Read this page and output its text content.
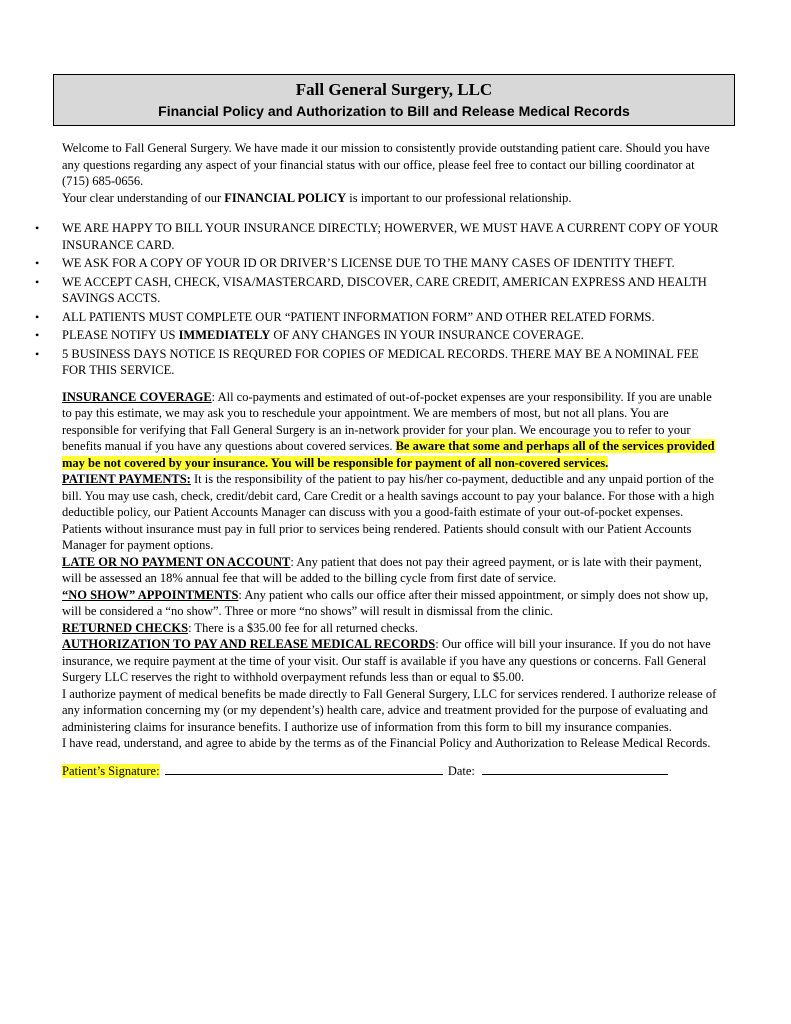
Fall General Surgery, LLC
Financial Policy and Authorization to Bill and Release Medical Records

Welcome to Fall General Surgery. We have made it our mission to consistently provide outstanding patient care. Should you have any questions regarding any aspect of your financial status with our office, please feel free to contact our billing coordinator at (715) 685-0656.

Your clear understanding of our FINANCIAL POLICY is important to our professional relationship.

• WE ARE HAPPY TO BILL YOUR INSURANCE DIRECTLY; HOWERVER, WE MUST HAVE A CURRENT COPY OF YOUR INSURANCE CARD.
• WE ASK FOR A COPY OF YOUR ID OR DRIVER’S LICENSE DUE TO THE MANY CASES OF IDENTITY THEFT.
• WE ACCEPT CASH, CHECK, VISA/MASTERCARD, DISCOVER, CARE CREDIT, AMERICAN EXPRESS AND HEALTH SAVINGS ACCTS.
• ALL PATIENTS MUST COMPLETE OUR “PATIENT INFORMATION FORM” AND OTHER RELATED FORMS.
• PLEASE NOTIFY US IMMEDIATELY OF ANY CHANGES IN YOUR INSURANCE COVERAGE.
• 5 BUSINESS DAYS NOTICE IS REQURED FOR COPIES OF MEDICAL RECORDS. THERE MAY BE A NOMINAL FEE FOR THIS SERVICE.

INSURANCE COVERAGE: All co-payments and estimated of out-of-pocket expenses are your responsibility. If you are unable to pay this estimate, we may ask you to reschedule your appointment. We are members of most, but not all plans. You are responsible for verifying that Fall General Surgery is an in-network provider for your plan. We encourage you to refer to your benefits manual if you have any questions about covered services. Be aware that some and perhaps all of the services provided may be not covered by your insurance. You will be responsible for payment of all non-covered services.

PATIENT PAYMENTS: It is the responsibility of the patient to pay his/her co-payment, deductible and any unpaid portion of the bill. You may use cash, check, credit/debit card, Care Credit or a health savings account to pay your balance. For those with a high deductible policy, our Patient Accounts Manager can discuss with you a good-faith estimate of your out-of-pocket expenses. Patients without insurance must pay in full prior to services being rendered. Patients should consult with our Patient Accounts Manager for payment options.

LATE OR NO PAYMENT ON ACCOUNT: Any patient that does not pay their agreed payment, or is late with their payment, will be assessed an 18% annual fee that will be added to the billing cycle from first date of service.

“NO SHOW” APPOINTMENTS: Any patient who calls our office after their missed appointment, or simply does not show up, will be considered a “no show”. Three or more “no shows” will result in dismissal from the clinic.

RETURNED CHECKS: There is a $35.00 fee for all returned checks.

AUTHORIZATION TO PAY AND RELEASE MEDICAL RECORDS: Our office will bill your insurance. If you do not have insurance, we require payment at the time of your visit. Our staff is available if you have any questions or concerns. Fall General Surgery LLC reserves the right to withhold overpayment refunds less than or equal to $5.00.

I authorize payment of medical benefits be made directly to Fall General Surgery, LLC for services rendered. I authorize release of any information concerning my (or my dependent’s) health care, advice and treatment provided for the purpose of evaluating and administering claims for insurance benefits. I authorize use of information from this form to bill my insurance companies.

I have read, understand, and agree to abide by the terms as of the Financial Policy and Authorization to Release Medical Records.

Patient’s Signature:	Date:
